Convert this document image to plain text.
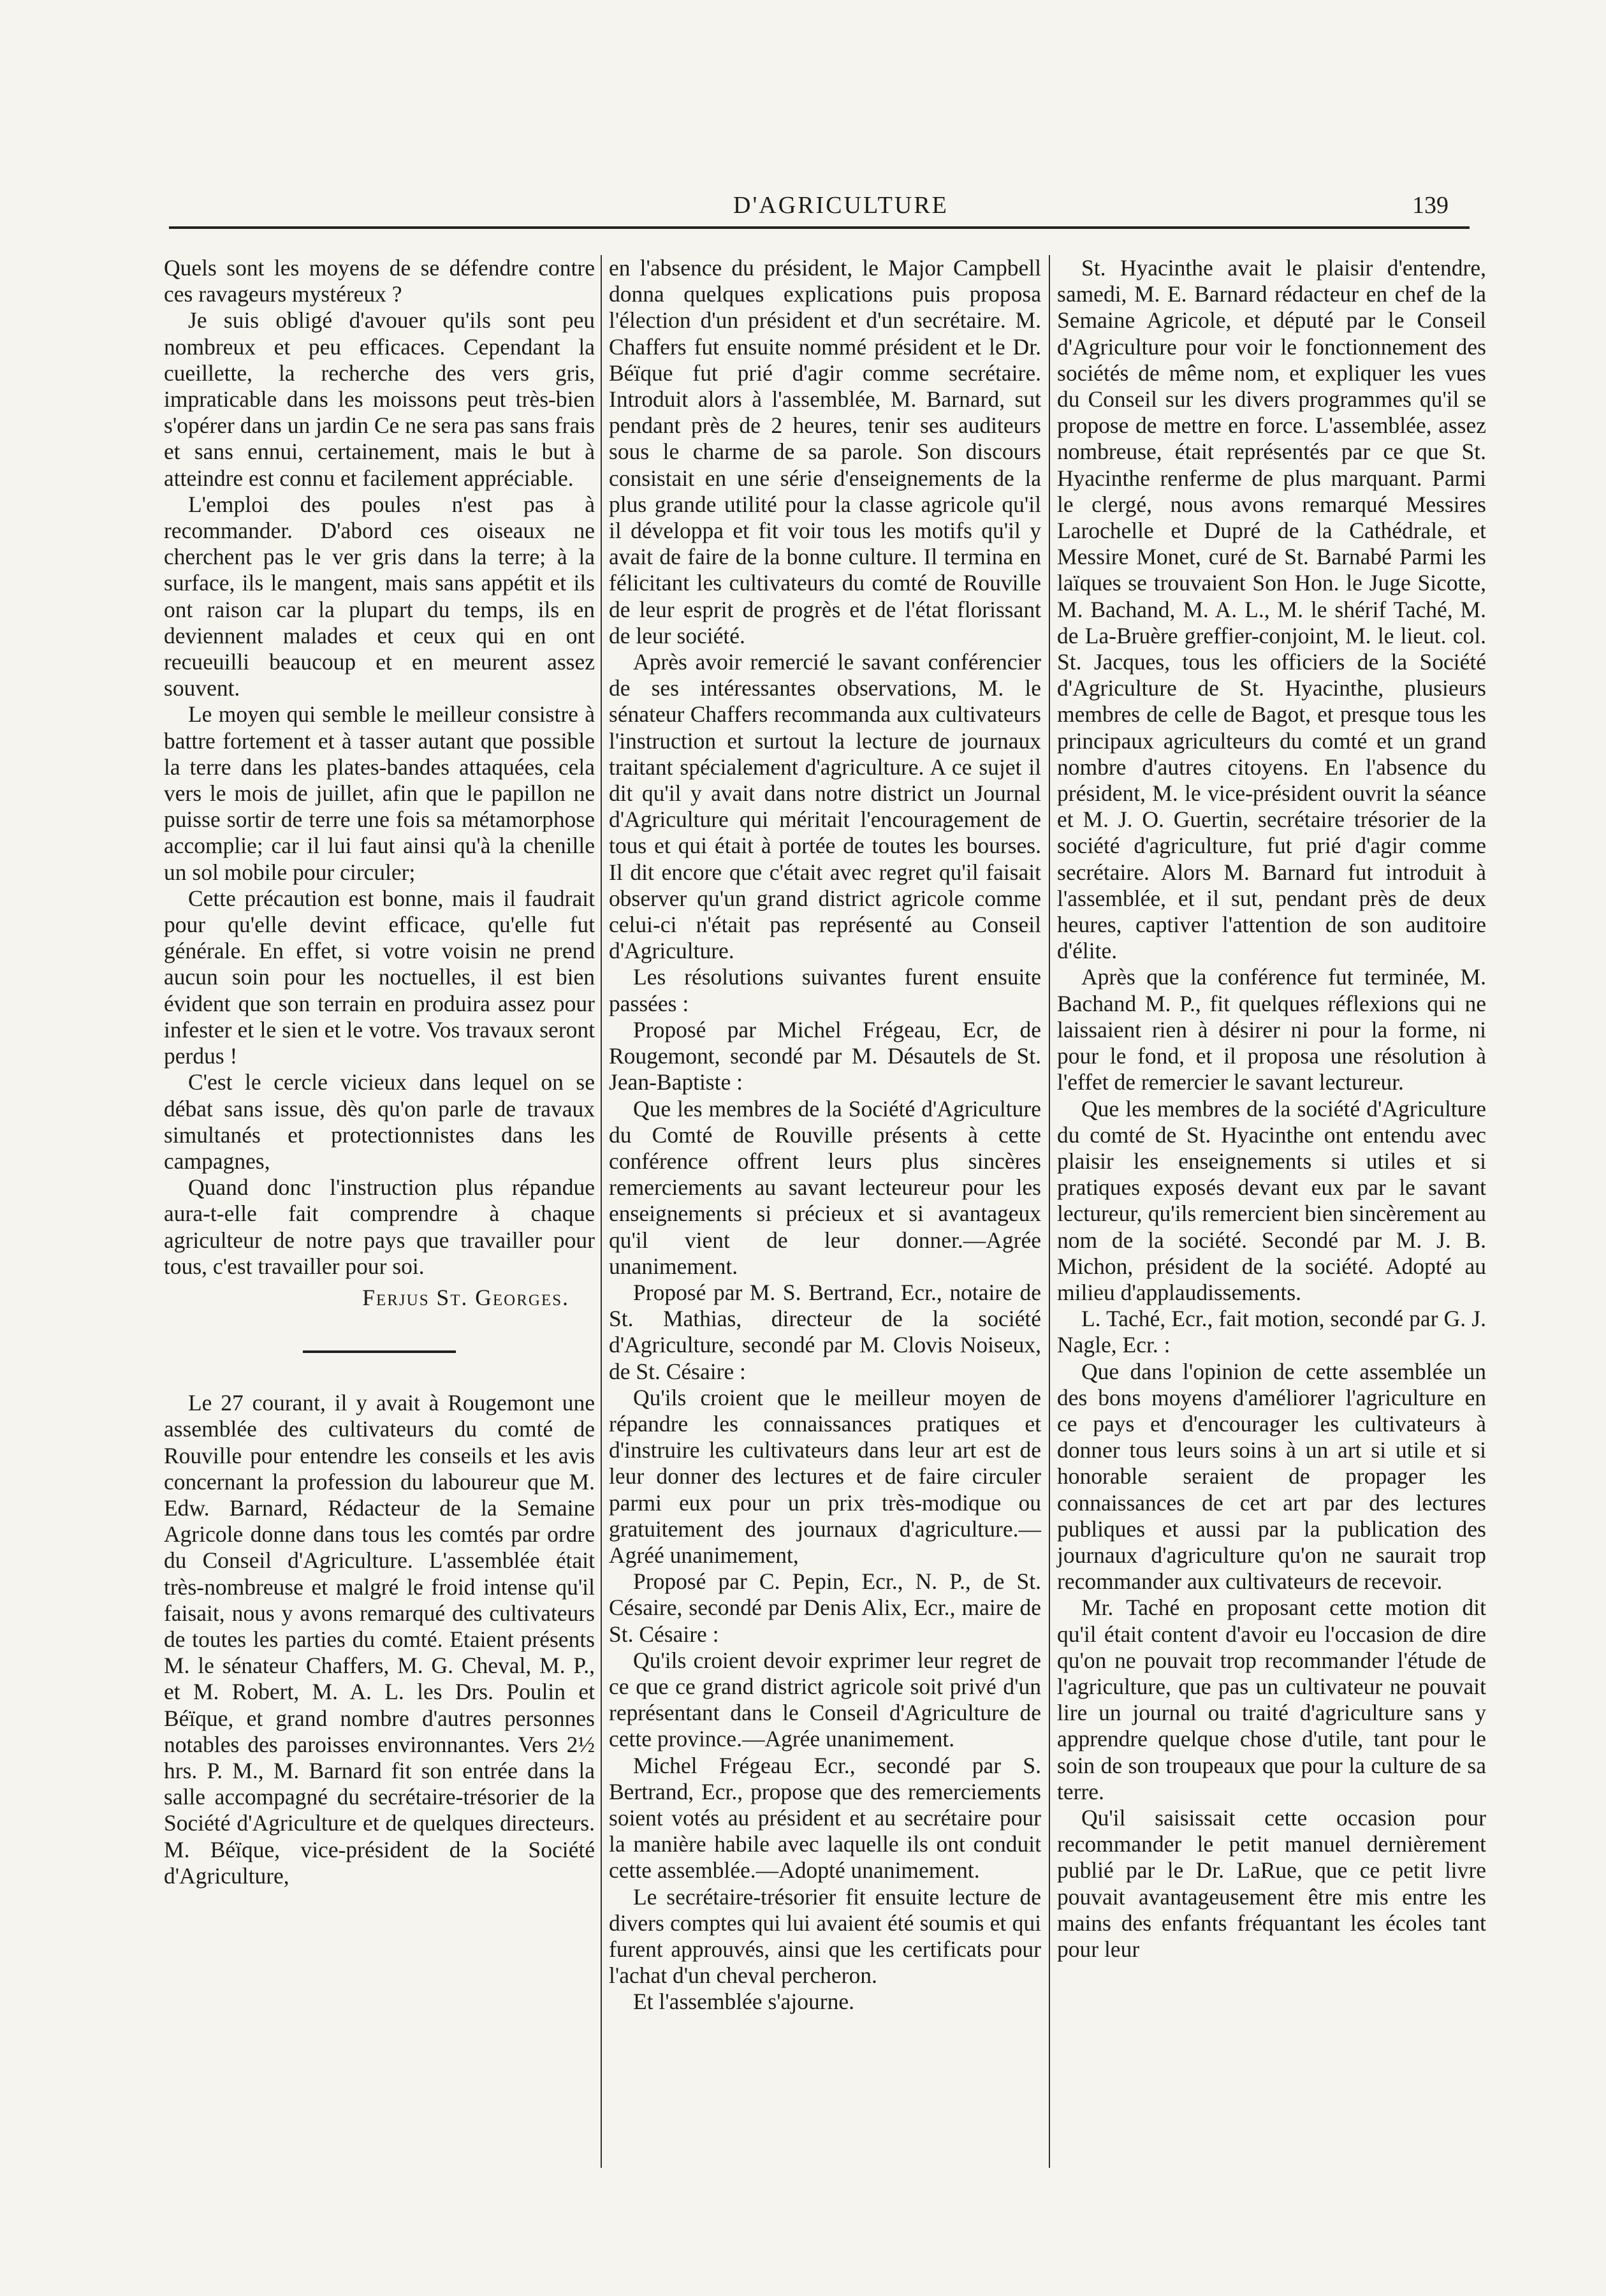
D'AGRICULTURE	139

Quels sont les moyens de se défendre contre ces ravageurs mystéreux ?

Je suis obligé d'avouer qu'ils sont peu nombreux et peu efficaces. Cependant la cueillette, la recherche des vers gris, impraticable dans les moissons peut très-bien s'opérer dans un jardin Ce ne sera pas sans frais et sans ennui, certainement, mais le but à atteindre est connu et facilement appréciable.

L'emploi des poules n'est pas à recommander. D'abord ces oiseaux ne cherchent pas le ver gris dans la terre; à la surface, ils le mangent, mais sans appétit et ils ont raison car la plupart du temps, ils en deviennent malades et ceux qui en ont recueuilli beaucoup et en meurent assez souvent.

Le moyen qui semble le meilleur consistre à battre fortement et à tasser autant que possible la terre dans les plates-bandes attaquées, cela vers le mois de juillet, afin que le papillon ne puisse sortir de terre une fois sa métamorphose accomplie; car il lui faut ainsi qu'à la chenille un sol mobile pour circuler;

Cette précaution est bonne, mais il faudrait pour qu'elle devint efficace, qu'elle fut générale. En effet, si votre voisin ne prend aucun soin pour les noctuelles, il est bien évident que son terrain en produira assez pour infester et le sien et le votre. Vos travaux seront perdus !

C'est le cercle vicieux dans lequel on se débat sans issue, dès qu'on parle de travaux simultanés et protectionnistes dans les campagnes,

Quand donc l'instruction plus répandue aura-t-elle fait comprendre à chaque agriculteur de notre pays que travailler pour tous, c'est travailler pour soi.

Ferjus St. Georges.

Le 27 courant, il y avait à Rougemont une assemblée des cultivateurs du comté de Rouville pour entendre les conseils et les avis concernant la profession du laboureur que M. Edw. Barnard, Rédacteur de la Semaine Agricole donne dans tous les comtés par ordre du Conseil d'Agriculture. L'assemblée était très-nombreuse et malgré le froid intense qu'il faisait, nous y avons remarqué des cultivateurs de toutes les parties du comté. Etaient présents M. le sénateur Chaffers, M. G. Cheval, M. P., et M. Robert, M. A. L. les Drs. Poulin et Béïque, et grand nombre d'autres personnes notables des paroisses environnantes. Vers 2½ hrs. P. M., M. Barnard fit son entrée dans la salle accompagné du secrétaire-trésorier de la Société d'Agriculture et de quelques directeurs. M. Béïque, vice-président de la Société d'Agriculture,

en l'absence du président, le Major Campbell donna quelques explications puis proposa l'élection d'un président et d'un secrétaire. M. Chaffers fut ensuite nommé président et le Dr. Béïque fut prié d'agir comme secrétaire. Introduit alors à l'assemblée, M. Barnard, sut pendant près de 2 heures, tenir ses auditeurs sous le charme de sa parole. Son discours consistait en une série d'enseignements de la plus grande utilité pour la classe agricole qu'il il développa et fit voir tous les motifs qu'il y avait de faire de la bonne culture. Il termina en félicitant les cultivateurs du comté de Rouville de leur esprit de progrès et de l'état florissant de leur société.

Après avoir remercié le savant conférencier de ses intéressantes observations, M. le sénateur Chaffers recommanda aux cultivateurs l'instruction et surtout la lecture de journaux traitant spécialement d'agriculture. A ce sujet il dit qu'il y avait dans notre district un Journal d'Agriculture qui méritait l'encouragement de tous et qui était à portée de toutes les bourses. Il dit encore que c'était avec regret qu'il faisait observer qu'un grand district agricole comme celui-ci n'était pas représenté au Conseil d'Agriculture.

Les résolutions suivantes furent ensuite passées :

Proposé par Michel Frégeau, Ecr, de Rougemont, secondé par M. Désautels de St. Jean-Baptiste :

Que les membres de la Société d'Agriculture du Comté de Rouville présents à cette conférence offrent leurs plus sincères remerciements au savant lecteureur pour les enseignements si précieux et si avantageux qu'il vient de leur donner.—Agrée unanimement.

Proposé par M. S. Bertrand, Ecr., notaire de St. Mathias, directeur de la société d'Agriculture, secondé par M. Clovis Noiseux, de St. Césaire :

Qu'ils croient que le meilleur moyen de répandre les connaissances pratiques et d'instruire les cultivateurs dans leur art est de leur donner des lectures et de faire circuler parmi eux pour un prix très-modique ou gratuitement des journaux d'agriculture.—Agréé unanimement,

Proposé par C. Pepin, Ecr., N. P., de St. Césaire, secondé par Denis Alix, Ecr., maire de St. Césaire :

Qu'ils croient devoir exprimer leur regret de ce que ce grand district agricole soit privé d'un représentant dans le Conseil d'Agriculture de cette province.—Agrée unanimement.

Michel Frégeau Ecr., secondé par S. Bertrand, Ecr., propose que des remerciements soient votés au président et au secrétaire pour la manière habile avec laquelle ils ont conduit cette assemblée.—Adopté unanimement.

Le secrétaire-trésorier fit ensuite lecture de divers comptes qui lui avaient été soumis et qui furent approuvés, ainsi que les certificats pour l'achat d'un cheval percheron.

Et l'assemblée s'ajourne.

St. Hyacinthe avait le plaisir d'entendre, samedi, M. E. Barnard rédacteur en chef de la Semaine Agricole, et député par le Conseil d'Agriculture pour voir le fonctionnement des sociétés de même nom, et expliquer les vues du Conseil sur les divers programmes qu'il se propose de mettre en force. L'assemblée, assez nombreuse, était représentés par ce que St. Hyacinthe renferme de plus marquant. Parmi le clergé, nous avons remarqué Messires Larochelle et Dupré de la Cathédrale, et Messire Monet, curé de St. Barnabé Parmi les laïques se trouvaient Son Hon. le Juge Sicotte, M. Bachand, M. A. L., M. le shérif Taché, M. de La-Bruère greffier-conjoint, M. le lieut. col. St. Jacques, tous les officiers de la Société d'Agriculture de St. Hyacinthe, plusieurs membres de celle de Bagot, et presque tous les principaux agriculteurs du comté et un grand nombre d'autres citoyens. En l'absence du président, M. le vice-président ouvrit la séance et M. J. O. Guertin, secrétaire trésorier de la société d'agriculture, fut prié d'agir comme secrétaire. Alors M. Barnard fut introduit à l'assemblée, et il sut, pendant près de deux heures, captiver l'attention de son auditoire d'élite.

Après que la conférence fut terminée, M. Bachand M. P., fit quelques réflexions qui ne laissaient rien à désirer ni pour la forme, ni pour le fond, et il proposa une résolution à l'effet de remercier le savant lectureur.

Que les membres de la société d'Agriculture du comté de St. Hyacinthe ont entendu avec plaisir les enseignements si utiles et si pratiques exposés devant eux par le savant lectureur, qu'ils remercient bien sincèrement au nom de la société. Secondé par M. J. B. Michon, président de la société. Adopté au milieu d'applaudissements.

L. Taché, Ecr., fait motion, secondé par G. J. Nagle, Ecr. :

Que dans l'opinion de cette assemblée un des bons moyens d'améliorer l'agriculture en ce pays et d'encourager les cultivateurs à donner tous leurs soins à un art si utile et si honorable seraient de propager les connaissances de cet art par des lectures publiques et aussi par la publication des journaux d'agriculture qu'on ne saurait trop recommander aux cultivateurs de recevoir.

Mr. Taché en proposant cette motion dit qu'il était content d'avoir eu l'occasion de dire qu'on ne pouvait trop recommander l'étude de l'agriculture, que pas un cultivateur ne pouvait lire un journal ou traité d'agriculture sans y apprendre quelque chose d'utile, tant pour le soin de son troupeaux que pour la culture de sa terre.

Qu'il saisissait cette occasion pour recommander le petit manuel dernièrement publié par le Dr. LaRue, que ce petit livre pouvait avantageusement être mis entre les mains des enfants fréquantant les écoles tant pour leur
